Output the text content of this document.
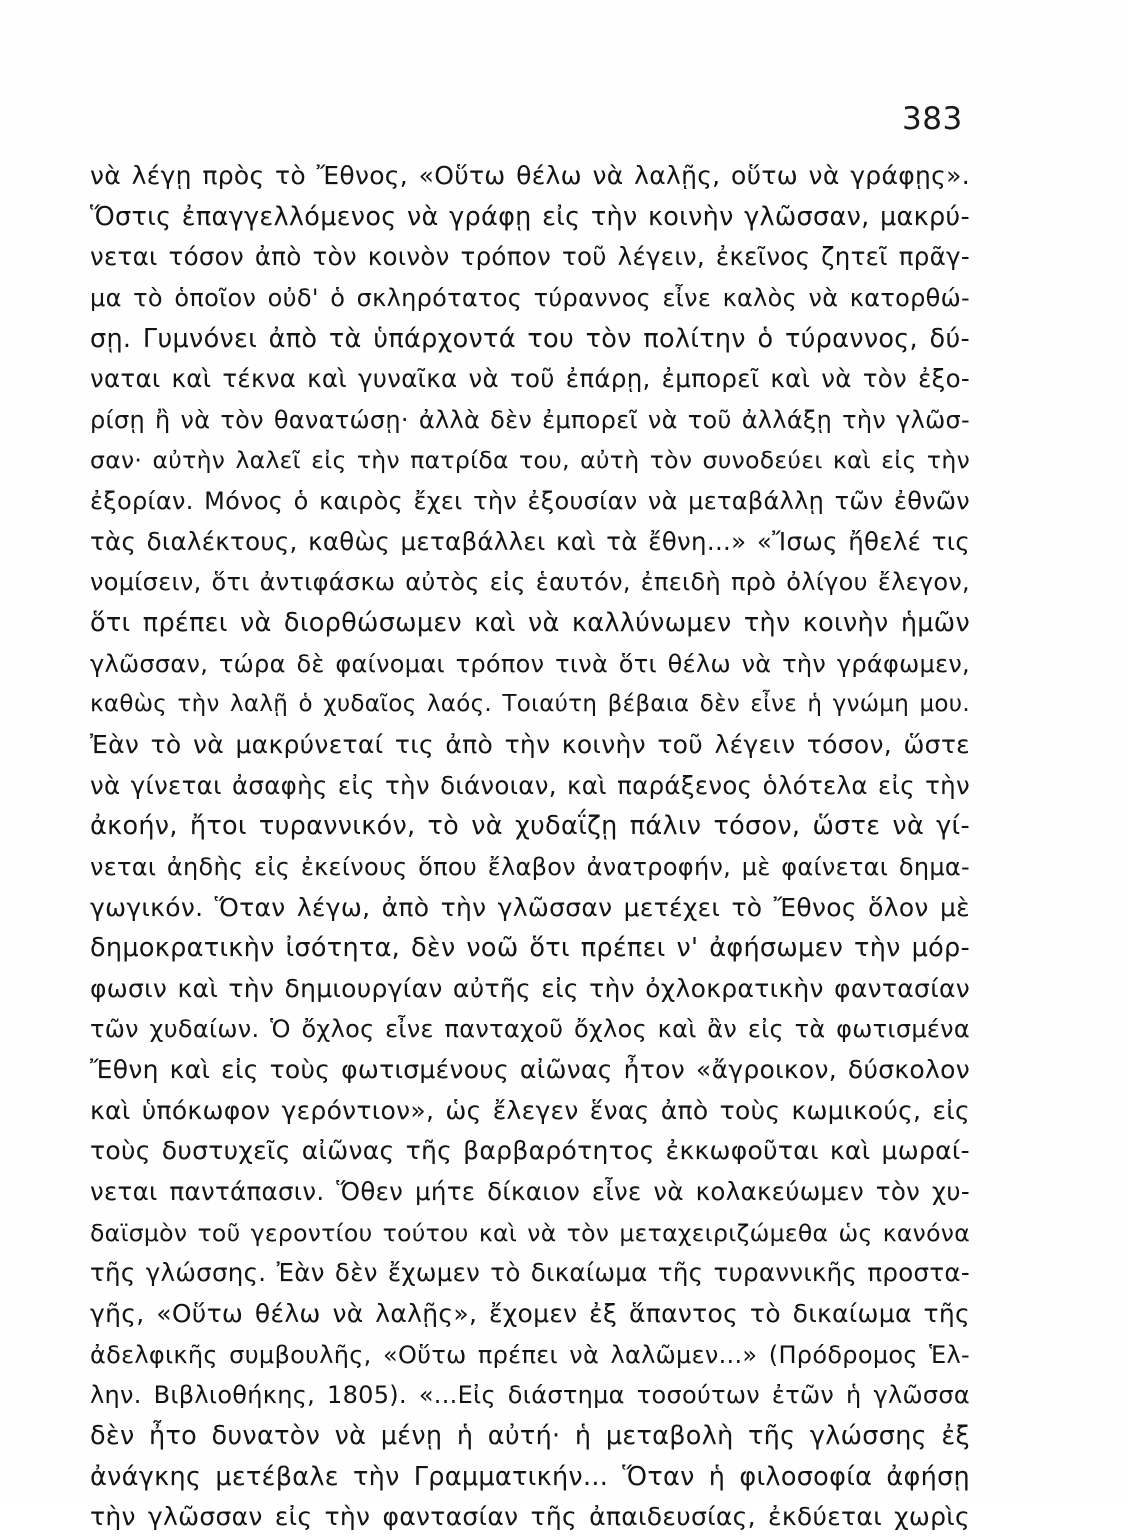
383
νὰ λέγῃ πρὸς τὸ Ἔθνος, «Οὕτω θέλω νὰ λαλῇς, οὕτω νὰ γράφῃς».
Ὅστις ἐπαγγελλόμενος νὰ γράφῃ εἰς τὴν κοινὴν γλῶσσαν, μακρύ-
νεται τόσον ἀπὸ τὸν κοινὸν τρόπον τοῦ λέγειν, ἐκεῖνος ζητεῖ πρᾶγ-
μα τὸ ὁποῖον οὐδ' ὁ σκληρότατος τύραννος εἶνε καλὸς νὰ κατορθώ-
σῃ. Γυμνόνει ἀπὸ τὰ ὑπάρχοντά του τὸν πολίτην ὁ τύραννος, δύ-
ναται καὶ τέκνα καὶ γυναῖκα νὰ τοῦ ἐπάρῃ, ἐμπορεῖ καὶ νὰ τὸν ἐξο-
ρίσῃ ἢ νὰ τὸν θανατώσῃ· ἀλλὰ δὲν ἐμπορεῖ νὰ τοῦ ἀλλάξῃ τὴν γλῶσ-
σαν· αὐτὴν λαλεῖ εἰς τὴν πατρίδα του, αὐτὴ τὸν συνοδεύει καὶ εἰς τὴν
ἐξορίαν. Μόνος ὁ καιρὸς ἔχει τὴν ἐξουσίαν νὰ μεταβάλλῃ τῶν ἐθνῶν
τὰς διαλέκτους, καθὼς μεταβάλλει καὶ τὰ ἔθνη...» «Ἴσως ἤθελέ τις
νομίσειν, ὅτι ἀντιφάσκω αὐτὸς εἰς ἑαυτόν, ἐπειδὴ πρὸ ὀλίγου ἔλεγον,
ὅτι πρέπει νὰ διορθώσωμεν καὶ νὰ καλλύνωμεν τὴν κοινὴν ἡμῶν
γλῶσσαν, τώρα δὲ φαίνομαι τρόπον τινὰ ὅτι θέλω νὰ τὴν γράφωμεν,
καθὼς τὴν λαλῇ ὁ χυδαῖος λαός. Τοιαύτη βέβαια δὲν εἶνε ἡ γνώμη μου.
Ἐὰν τὸ νὰ μακρύνεταί τις ἀπὸ τὴν κοινὴν τοῦ λέγειν τόσον, ὥστε
νὰ γίνεται ἀσαφὴς εἰς τὴν διάνοιαν, καὶ παράξενος ὁλότελα εἰς τὴν
ἀκοήν, ἤτοι τυραννικόν, τὸ νὰ χυδαΐζῃ πάλιν τόσον, ὥστε νὰ γί-
νεται ἀηδὴς εἰς ἐκείνους ὅπου ἔλαβον ἀνατροφήν, μὲ φαίνεται δημα-
γωγικόν. Ὅταν λέγω, ἀπὸ τὴν γλῶσσαν μετέχει τὸ Ἔθνος ὅλον μὲ
δημοκρατικὴν ἰσότητα, δὲν νοῶ ὅτι πρέπει ν' ἀφήσωμεν τὴν μόρ-
φωσιν καὶ τὴν δημιουργίαν αὐτῆς εἰς τὴν ὀχλοκρατικὴν φαντασίαν
τῶν χυδαίων. Ὁ ὄχλος εἶνε πανταχοῦ ὄχλος καὶ ἂν εἰς τὰ φωτισμένα
Ἔθνη καὶ εἰς τοὺς φωτισμένους αἰῶνας ἦτον «ἄγροικον, δύσκολον
καὶ ὑπόκωφον γερόντιον», ὡς ἔλεγεν ἕνας ἀπὸ τοὺς κωμικούς, εἰς
τοὺς δυστυχεῖς αἰῶνας τῆς βαρβαρότητος ἐκκωφοῦται καὶ μωραί-
νεται παντάπασιν. Ὅθεν μήτε δίκαιον εἶνε νὰ κολακεύωμεν τὸν χυ-
δαϊσμὸν τοῦ γεροντίου τούτου καὶ νὰ τὸν μεταχειριζώμεθα ὡς κανόνα
τῆς γλώσσης. Ἐὰν δὲν ἔχωμεν τὸ δικαίωμα τῆς τυραννικῆς προστα-
γῆς, «Οὕτω θέλω νὰ λαλῇς», ἔχομεν ἐξ ἅπαντος τὸ δικαίωμα τῆς
ἀδελφικῆς συμβουλῆς, «Οὕτω πρέπει νὰ λαλῶμεν...» (Πρόδρομος Ἑλ-
λην. Βιβλιοθήκης, 1805). «...Εἰς διάστημα τοσούτων ἐτῶν ἡ γλῶσσα
δὲν ἦτο δυνατὸν νὰ μένῃ ἡ αὐτή· ἡ μεταβολὴ τῆς γλώσσης ἐξ
ἀνάγκης μετέβαλε τὴν Γραμματικήν... Ὅταν ἡ φιλοσοφία ἀφήσῃ
τὴν γλῶσσαν εἰς τὴν φαντασίαν τῆς ἀπαιδευσίας, ἐκδύεται χωρὶς
